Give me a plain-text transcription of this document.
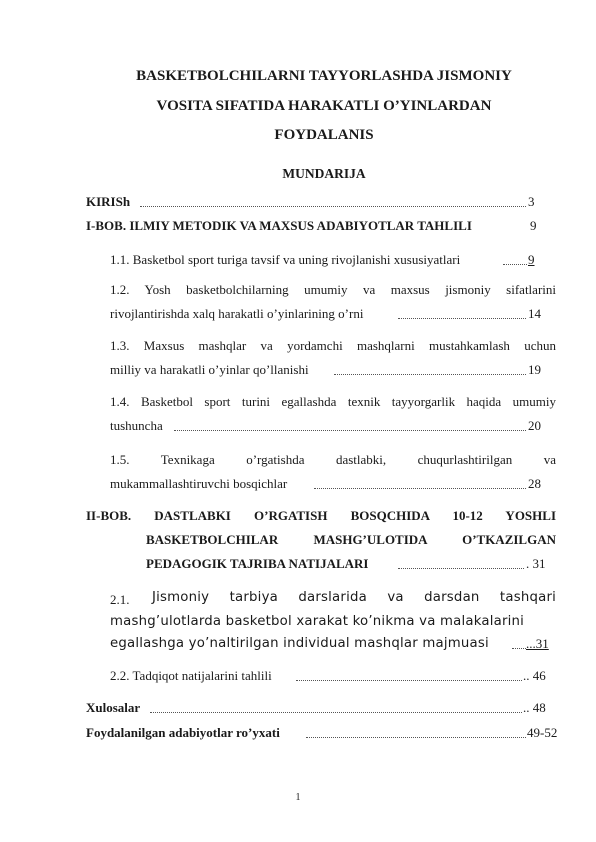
BASKETBOLCHILARNI TAYYORLASHDA JISMONIY
VOSITA SIFATIDA HARAKATLI O’YINLARDAN
FOYDALANIS
MUNDARIJA
KIRISh	3
I-BOB. ILMIY METODIK VA MAXSUS ADABIYOTLAR TAHLILI	9
1.1. Basketbol sport turiga tavsif va uning rivojlanishi xususiyatlari	9
1.2.  Yosh  basketbolchilarning  umumiy  va  maxsus  jismoniy  sifatlarini
rivojlantirishda xalq harakatli o’yinlarining o’rni	14
1.3.  Maxsus  mashqlar  va  yordamchi  mashqlarni  mustahkamlash  uchun
milliy va harakatli o’yinlar qo’llanishi	19
1.4.  Basketbol  sport  turini  egallashda  texnik  tayyorgarlik  haqida  umumiy
tushuncha	20
1.5.    Texnikaga    o’rgatishda    dastlabki,    chuqurlashtirilgan    va
mukammallashtiruvchi bosqichlar	28
II-BOB.  DASTLABKI  O’RGATISH  BOSQCHIDA  10-12  YOSHLI
BASKETBOLCHILAR  MASHG’ULOTIDA  O’TKAZILGAN
PEDAGOGIK TAJRIBA NATIJALARI	. 31
2.1. Jismoniy  tarbiya  darslarida  va  darsdan  tashqari
mashg’ulotlarda basketbol xarakat ko’nikma va malakalarini
egallashga yo’naltirilgan individual mashqlar majmuasi	...31
2.2. Tadqiqot natijalarini tahlili	.. 46
Xulosalar	.. 48
Foydalanilgan adabiyotlar ro’yxati	49-52
1
